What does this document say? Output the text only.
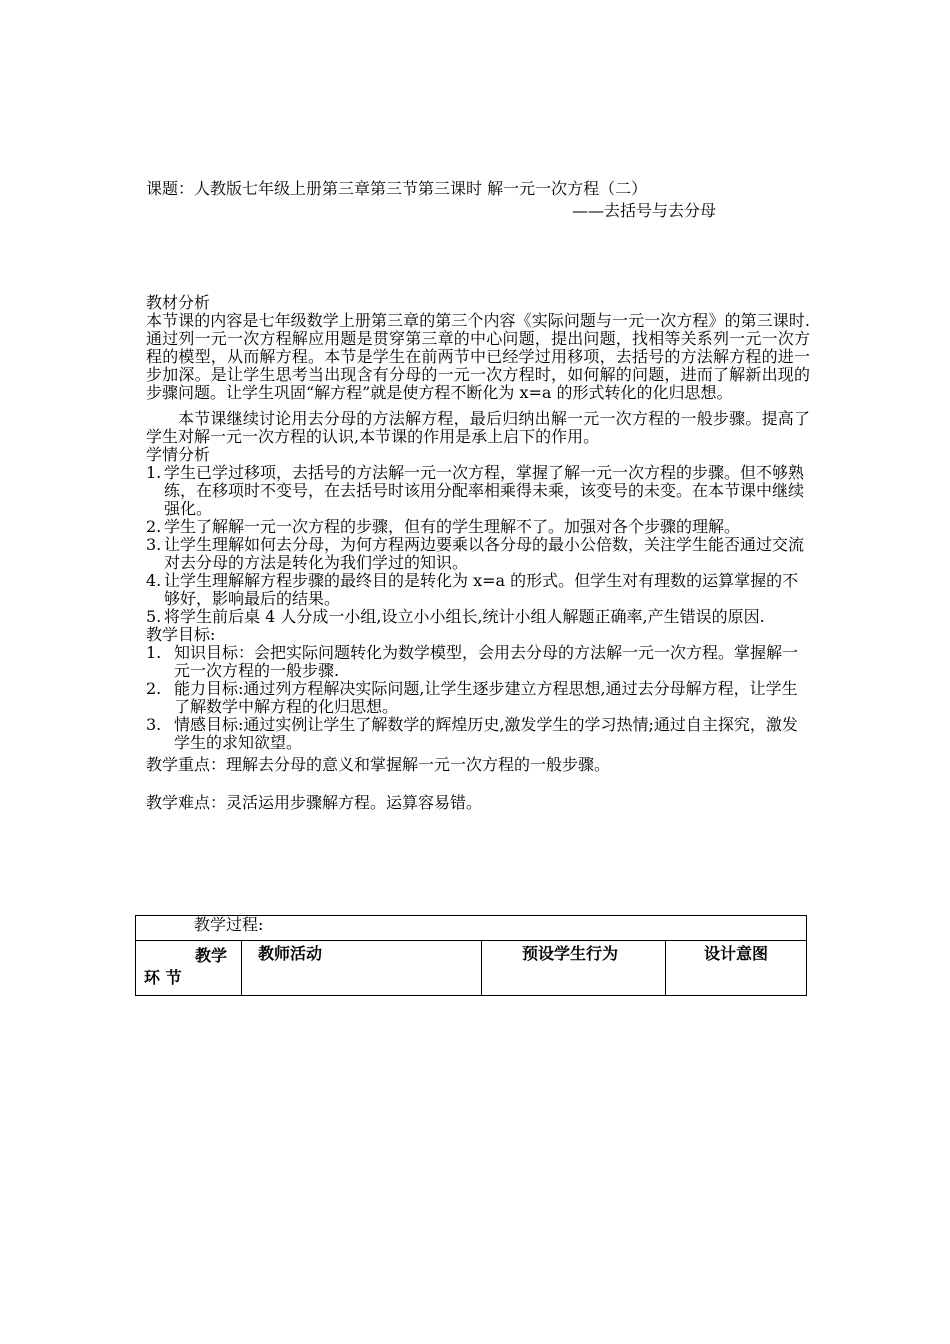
课题：人教版七年级上册第三章第三节第三课时 解一元一次方程（二）
——去括号与去分母

教材分析

本节课的内容是七年级数学上册第三章的第三个内容《实际问题与一元一次方程》的第三课时.通过列一元一次方程解应用题是贯穿第三章的中心问题，提出问题，找相等关系列一元一次方程的模型，从而解方程。本节是学生在前两节中已经学过用移项，去括号的方法解方程的进一步加深。是让学生思考当出现含有分母的一元一次方程时，如何解的问题，进而了解新出现的步骤问题。让学生巩固“解方程”就是使方程不断化为 x=a 的形式转化的化归思想。

本节课继续讨论用去分母的方法解方程，最后归纳出解一元一次方程的一般步骤。提高了学生对解一元一次方程的认识,本节课的作用是承上启下的作用。

学情分析

1. 学生已学过移项，去括号的方法解一元一次方程，掌握了解一元一次方程的步骤。但不够熟练，在移项时不变号，在去括号时该用分配率相乘得未乘，该变号的未变。在本节课中继续强化。
2. 学生了解解一元一次方程的步骤，但有的学生理解不了。加强对各个步骤的理解。
3. 让学生理解如何去分母，为何方程两边要乘以各分母的最小公倍数，关注学生能否通过交流对去分母的方法是转化为我们学过的知识。
4. 让学生理解解方程步骤的最终目的是转化为 x=a 的形式。但学生对有理数的运算掌握的不够好，影响最后的结果。
5. 将学生前后桌 4 人分成一小组,设立小小组长,统计小组人解题正确率,产生错误的原因.

教学目标:

1. 知识目标：会把实际问题转化为数学模型，会用去分母的方法解一元一次方程。掌握解一元一次方程的一般步骤.
2. 能力目标:通过列方程解决实际问题,让学生逐步建立方程思想,通过去分母解方程，让学生了解数学中解方程的化归思想。
3. 情感目标:通过实例让学生了解数学的辉煌历史,激发学生的学习热情;通过自主探究，激发学生的求知欲望。

教学重点：理解去分母的意义和掌握解一元一次方程的一般步骤。

教学难点：灵活运用步骤解方程。运算容易错。

教学过程:
教学
环 节
	教师活动	预设学生行为	设计意图
